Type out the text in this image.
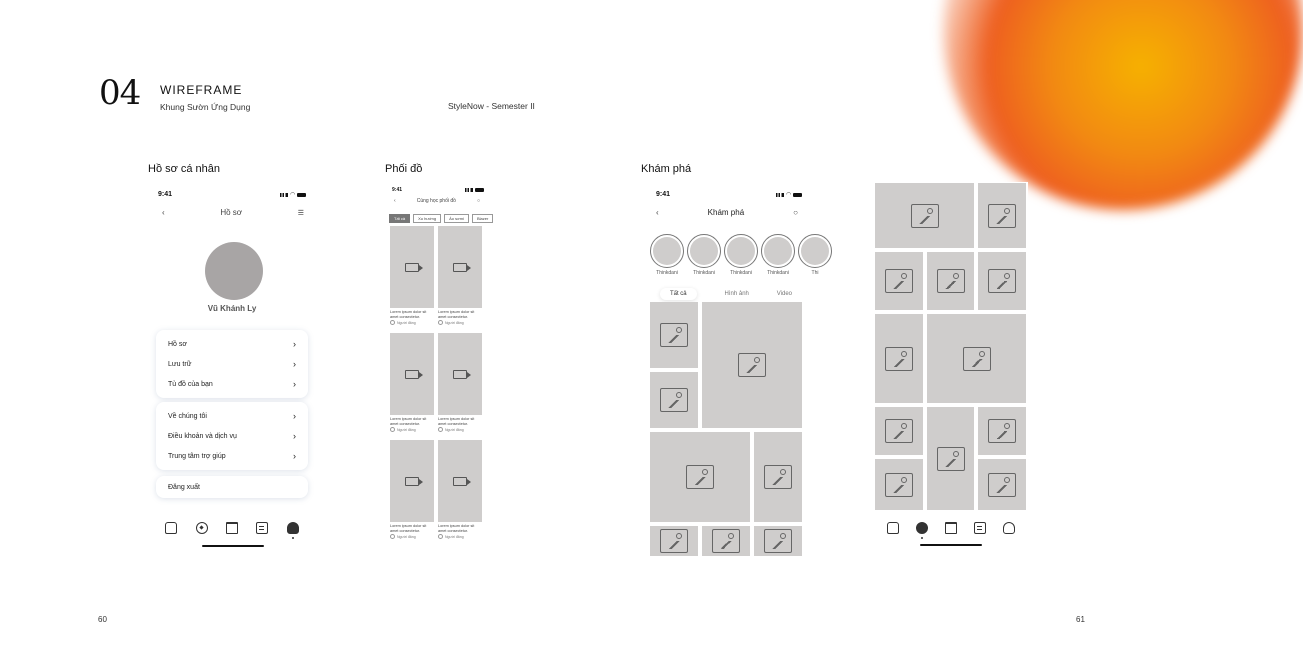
04 WIREFRAME
Khung Sườn Ứng Dụng	StyleNow - Semester II
60	61
Hồ sơ cá nhân	Phối đồ	Khám phá
9:41	◠
‹	Hồ sơ	☰
Vũ Khánh Ly
Hồ sơ	›
Lưu trữ	›
Tủ đồ của bạn	›
Về chúng tôi	›
Điều khoản và dịch vụ	›
Trung tâm trợ giúp	›
Đăng xuất
9:41
‹	Cùng học phối đồ	○
Tất cả	Xu hướng	Áo sơmi	Blazer
Lorem ipsum dolor sit amet consectetur.
Người đăng
Lorem ipsum dolor sit amet consectetur.
Người đăng
Lorem ipsum dolor sit amet consectetur.
Người đăng
Lorem ipsum dolor sit amet consectetur.
Người đăng
Lorem ipsum dolor sit amet consectetur.
Người đăng
Lorem ipsum dolor sit amet consectetur.
Người đăng
9:41	◠
‹	Khám phá	○
Thinkdani	Thinkdani	Thinkdani	Thinkdani	Thi
Tất cả	Hình ảnh	Video
